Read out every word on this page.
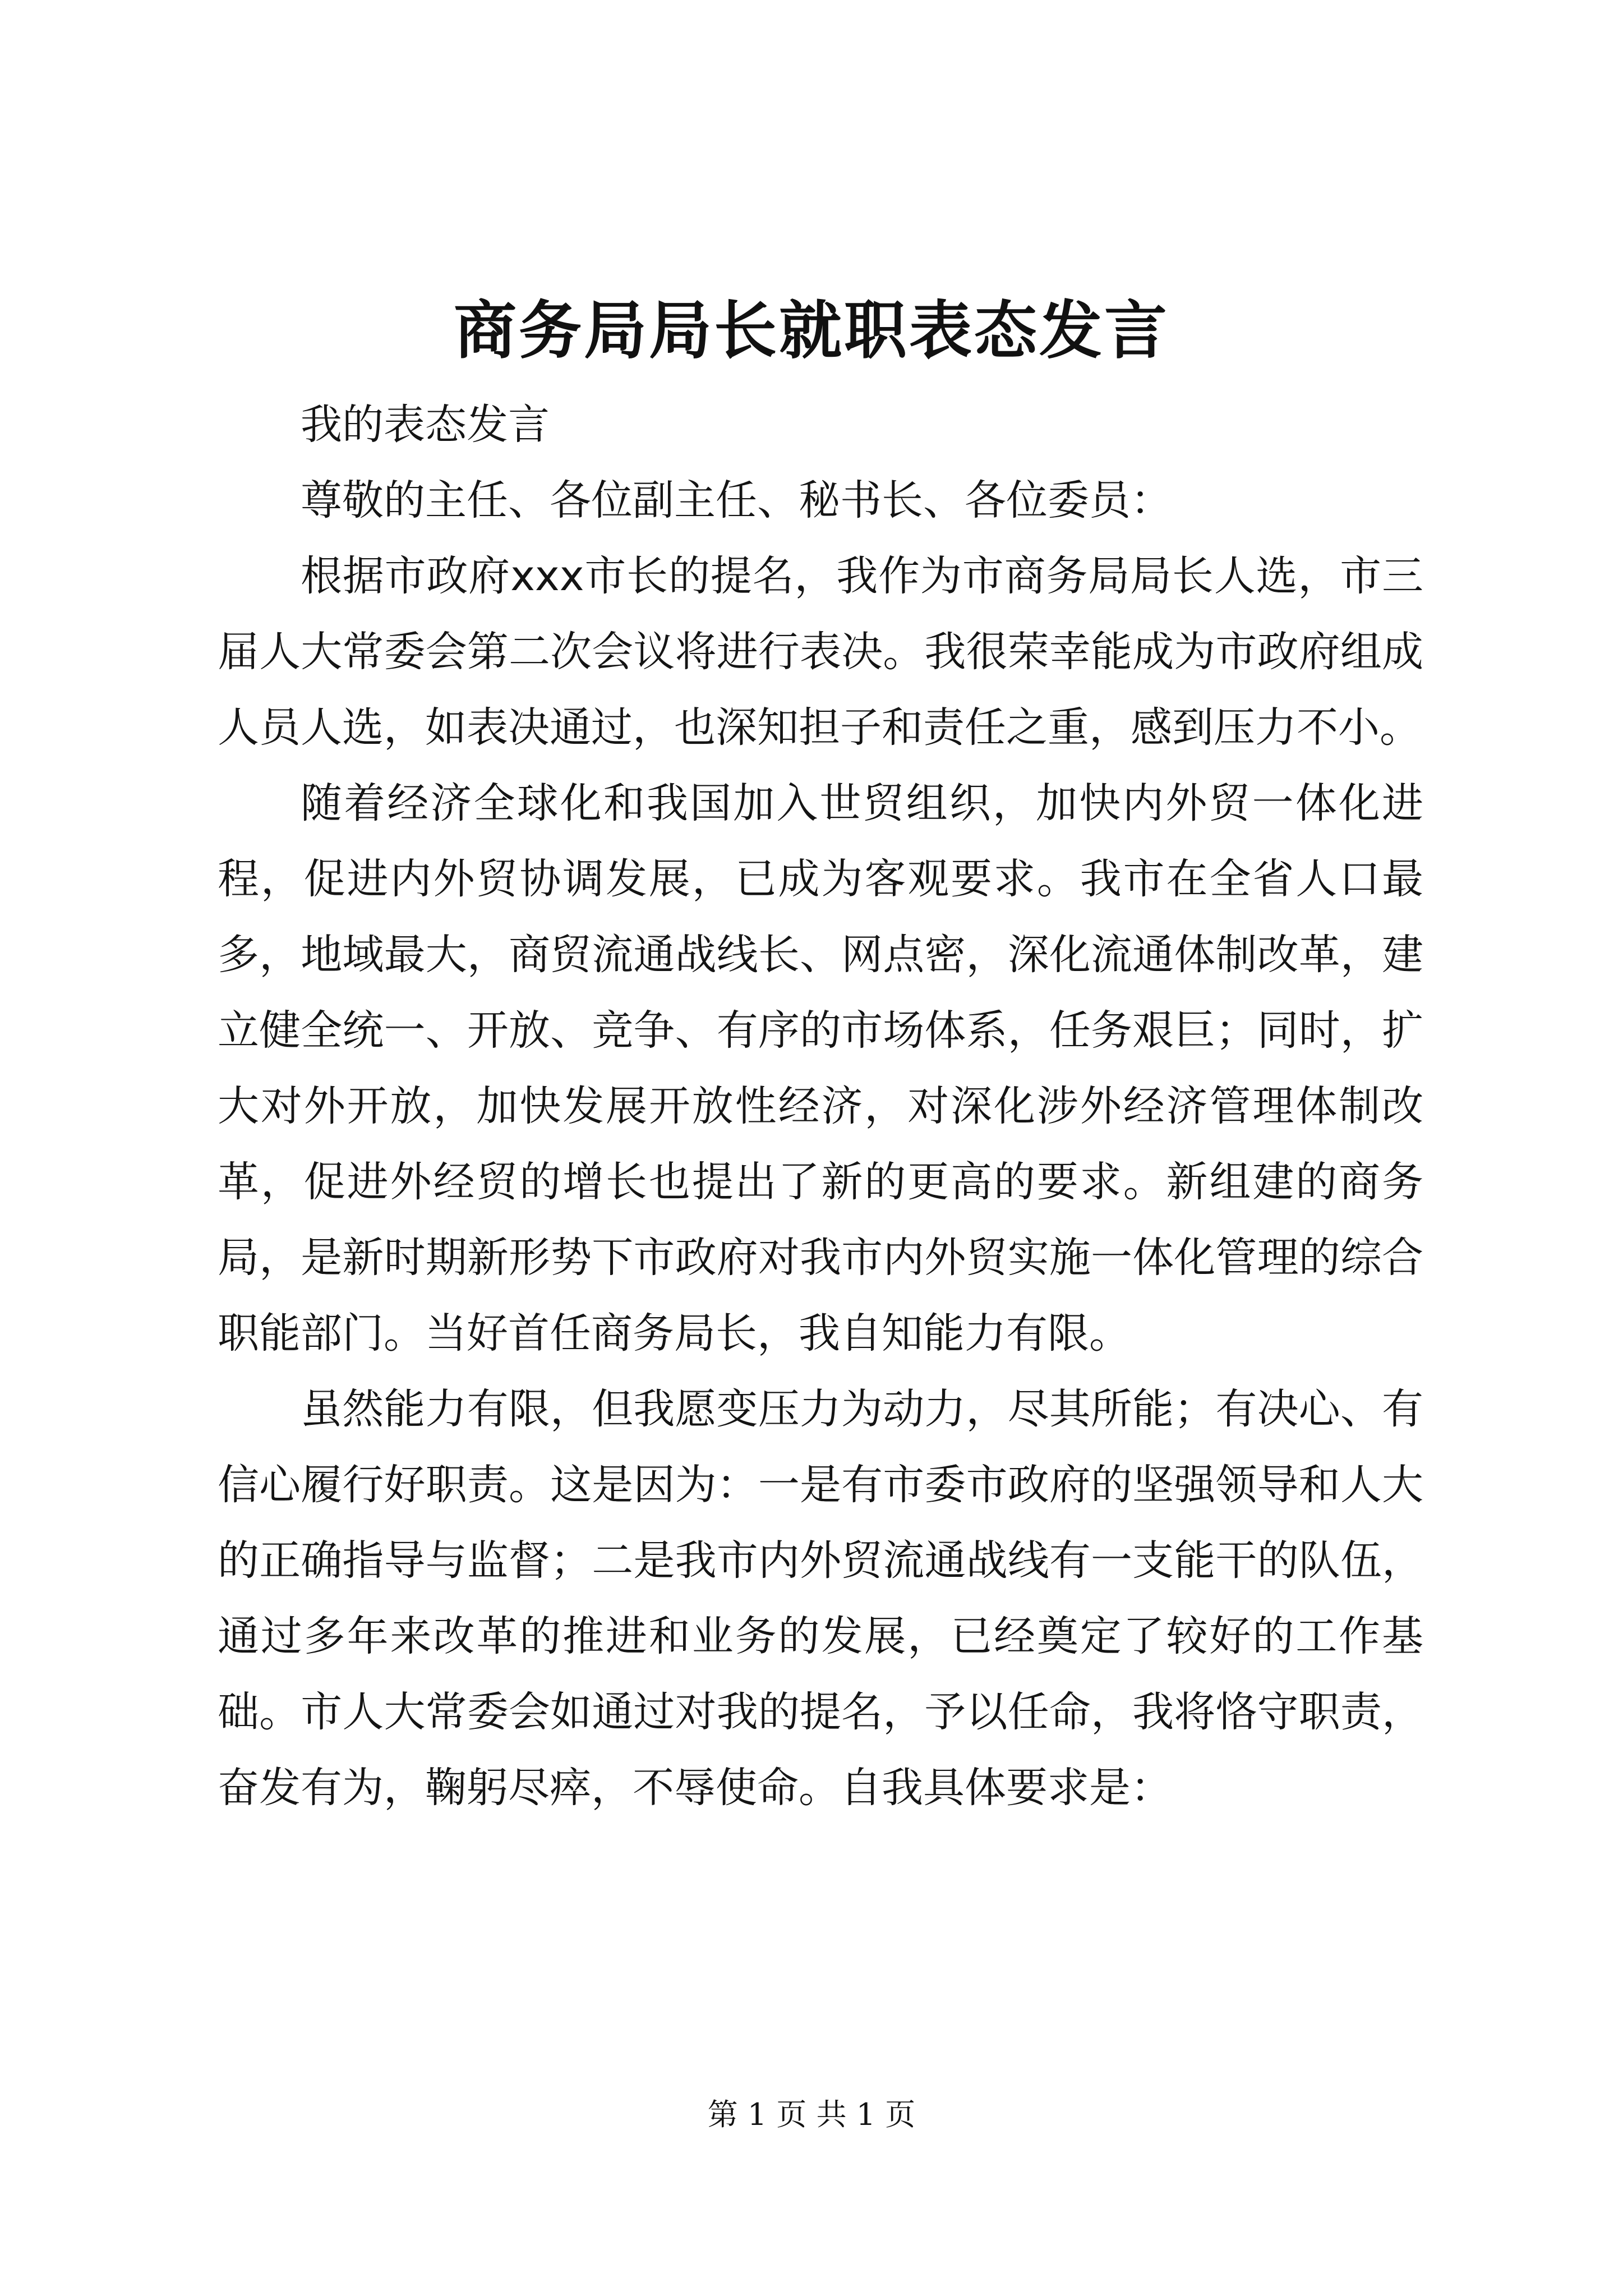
商务局局长就职表态发言

我的表态发言

尊敬的主任、各位副主任、秘书长、各位委员：

根据市政府xxx市长的提名，我作为市商务局局长人选，市三届人大常委会第二次会议将进行表决。我很荣幸能成为市政府组成人员人选，如表决通过，也深知担子和责任之重，感到压力不小。

随着经济全球化和我国加入世贸组织，加快内外贸一体化进程，促进内外贸协调发展，已成为客观要求。我市在全省人口最多，地域最大，商贸流通战线长、网点密，深化流通体制改革，建立健全统一、开放、竞争、有序的市场体系，任务艰巨；同时，扩大对外开放，加快发展开放性经济，对深化涉外经济管理体制改革，促进外经贸的增长也提出了新的更高的要求。新组建的商务局，是新时期新形势下市政府对我市内外贸实施一体化管理的综合职能部门。当好首任商务局长，我自知能力有限。

虽然能力有限，但我愿变压力为动力，尽其所能；有决心、有信心履行好职责。这是因为：一是有市委市政府的坚强领导和人大的正确指导与监督；二是我市内外贸流通战线有一支能干的队伍，通过多年来改革的推进和业务的发展，已经奠定了较好的工作基础。市人大常委会如通过对我的提名，予以任命，我将恪守职责，奋发有为，鞠躬尽瘁，不辱使命。自我具体要求是：

第 1 页 共 1 页
